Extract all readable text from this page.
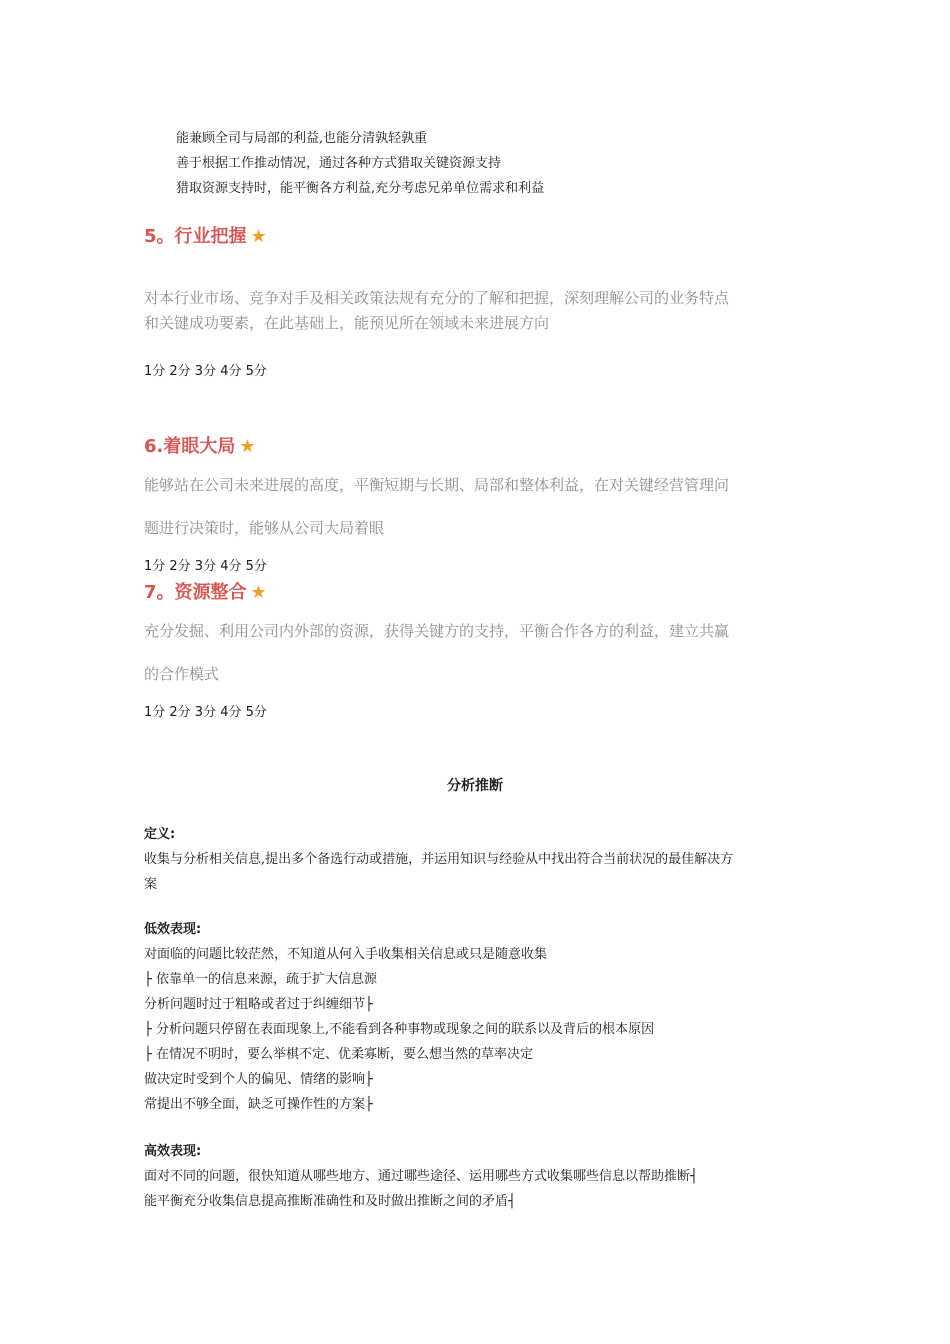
能兼顾全司与局部的利益,也能分清孰轻孰重
善于根据工作推动情况，通过各种方式猎取关键资源支持
猎取资源支持时，能平衡各方利益,充分考虑兄弟单位需求和利益
5。行业把握 ★
对本行业市场、竞争对手及相关政策法规有充分的了解和把握，深刻理解公司的业务特点
和关键成功要素，在此基础上，能预见所在领域未来进展方向
1分 2分 3分 4分 5分
6.着眼大局 ★
能够站在公司未来进展的高度，平衡短期与长期、局部和整体利益，在对关键经营管理问
题进行决策时，能够从公司大局着眼
1分 2分 3分 4分 5分
7。资源整合 ★
充分发掘、利用公司内外部的资源，获得关键方的支持，平衡合作各方的利益，建立共赢
的合作模式
1分 2分 3分 4分 5分
分析推断
定义:
收集与分析相关信息,提出多个备选行动或措施，并运用知识与经验从中找出符合当前状况的最佳解决方
案
低效表现:
对面临的问题比较茫然，不知道从何入手收集相关信息或只是随意收集
├ 依靠单一的信息来源，疏于扩大信息源
分析问题时过于粗略或者过于纠缠细节├
├ 分析问题只停留在表面现象上,不能看到各种事物或现象之间的联系以及背后的根本原因
├ 在情况不明时，要么举棋不定、优柔寡断，要么想当然的草率决定
做决定时受到个人的偏见、情绪的影响├
常提出不够全面，缺乏可操作性的方案├
高效表现:
面对不同的问题，很快知道从哪些地方、通过哪些途径、运用哪些方式收集哪些信息以帮助推断┤
能平衡充分收集信息提高推断准确性和及时做出推断之间的矛盾┤
